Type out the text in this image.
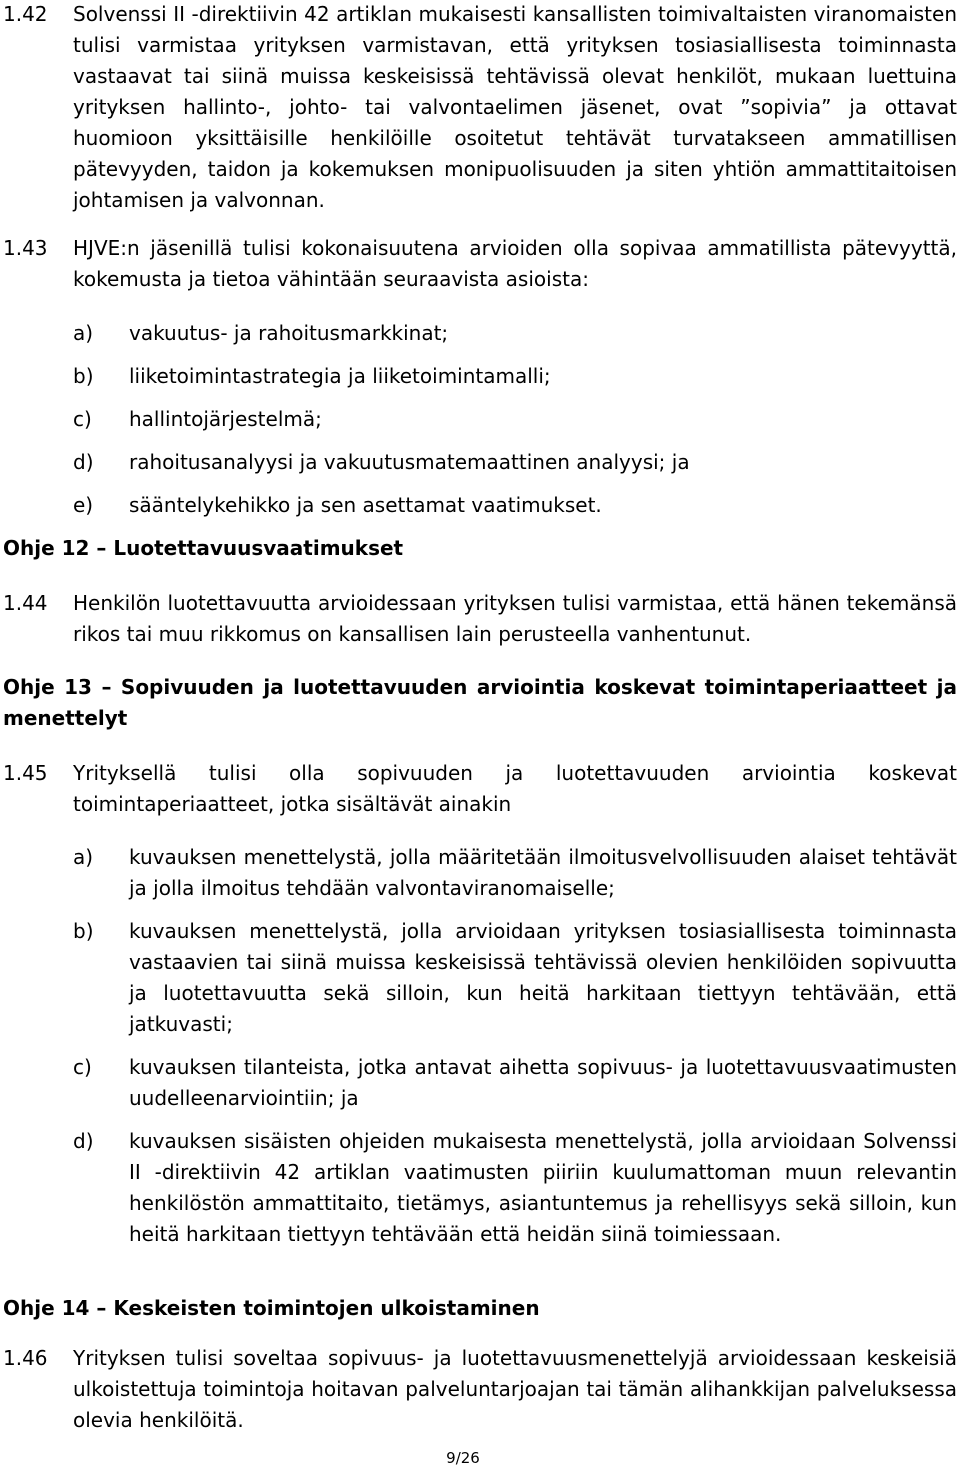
1.42 Solvenssi II -direktiivin 42 artiklan mukaisesti kansallisten toimivaltaisten viranomaisten tulisi varmistaa yrityksen varmistavan, että yrityksen tosiasiallisesta toiminnasta vastaavat tai siinä muissa keskeisissä tehtävissä olevat henkilöt, mukaan luettuina yrityksen hallinto-, johto- tai valvontaelimen jäsenet, ovat ”sopivia” ja ottavat huomioon yksittäisille henkilöille osoitetut tehtävät turvatakseen ammatillisen pätevyyden, taidon ja kokemuksen monipuolisuuden ja siten yhtiön ammattitaitoisen johtamisen ja valvonnan.
1.43 HJVE:n jäsenillä tulisi kokonaisuutena arvioiden olla sopivaa ammatillista pätevyyttä, kokemusta ja tietoa vähintään seuraavista asioista:
a) vakuutus- ja rahoitusmarkkinat;
b) liiketoimintastrategia ja liiketoimintamalli;
c) hallintojärjestelmä;
d) rahoitusanalyysi ja vakuutusmatemaattinen analyysi; ja
e) sääntelykehikko ja sen asettamat vaatimukset.
Ohje 12 – Luotettavuusvaatimukset
1.44 Henkilön luotettavuutta arvioidessaan yrityksen tulisi varmistaa, että hänen tekemänsä rikos tai muu rikkomus on kansallisen lain perusteella vanhentunut.
Ohje 13 – Sopivuuden ja luotettavuuden arviointia koskevat toimintaperiaatteet ja menettelyt
1.45 Yrityksellä tulisi olla sopivuuden ja luotettavuuden arviointia koskevat toimintaperiaatteet, jotka sisältävät ainakin
a) kuvauksen menettelystä, jolla määritetään ilmoitusvelvollisuuden alaiset tehtävät ja jolla ilmoitus tehdään valvontaviranomaiselle;
b) kuvauksen menettelystä, jolla arvioidaan yrityksen tosiasiallisesta toiminnasta vastaavien tai siinä muissa keskeisissä tehtävissä olevien henkilöiden sopivuutta ja luotettavuutta sekä silloin, kun heitä harkitaan tiettyyn tehtävään, että jatkuvasti;
c) kuvauksen tilanteista, jotka antavat aihetta sopivuus- ja luotettavuusvaatimusten uudelleenarviointiin; ja
d) kuvauksen sisäisten ohjeiden mukaisesta menettelystä, jolla arvioidaan Solvenssi II -direktiivin 42 artiklan vaatimusten piiriin kuulumattoman muun relevantin henkilöstön ammattitaito, tietämys, asiantuntemus ja rehellisyys sekä silloin, kun heitä harkitaan tiettyyn tehtävään että heidän siinä toimiessaan.
Ohje 14 – Keskeisten toimintojen ulkoistaminen
1.46 Yrityksen tulisi soveltaa sopivuus- ja luotettavuusmenettelyjä arvioidessaan keskeisiä ulkoistettuja toimintoja hoitavan palveluntarjoajan tai tämän alihankkijan palveluksessa olevia henkilöitä.
9/26
